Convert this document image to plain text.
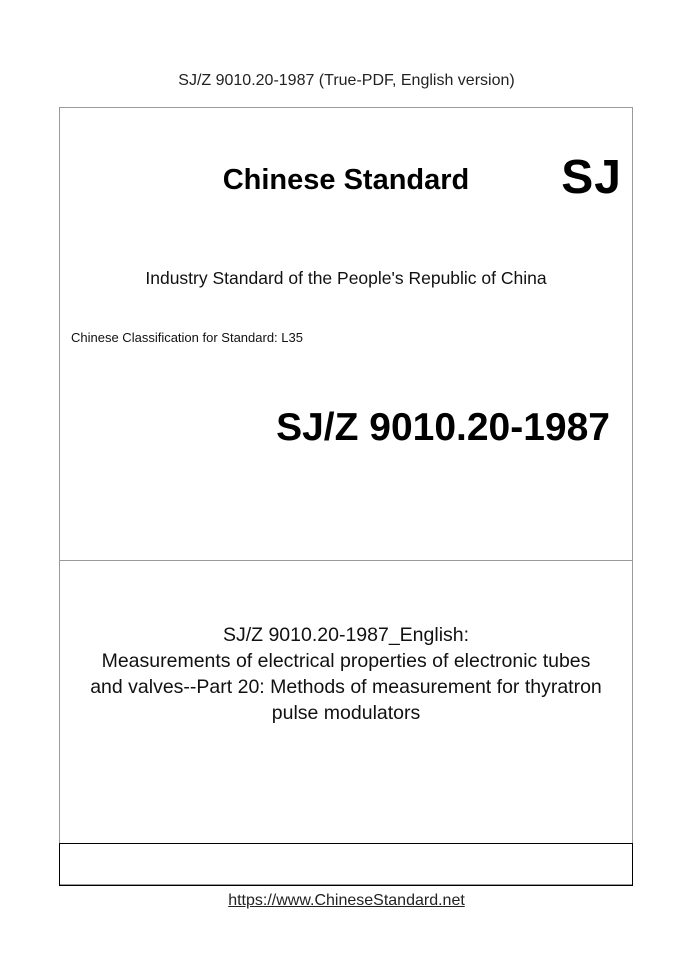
SJ/Z 9010.20-1987 (True-PDF, English version)
Chinese Standard	SJ
Industry Standard of the People's Republic of China
Chinese Classification for Standard: L35
SJ/Z 9010.20-1987
SJ/Z 9010.20-1987_English:
Measurements of electrical properties of electronic tubes
and valves--Part 20: Methods of measurement for thyratron
pulse modulators
https://www.ChineseStandard.net
